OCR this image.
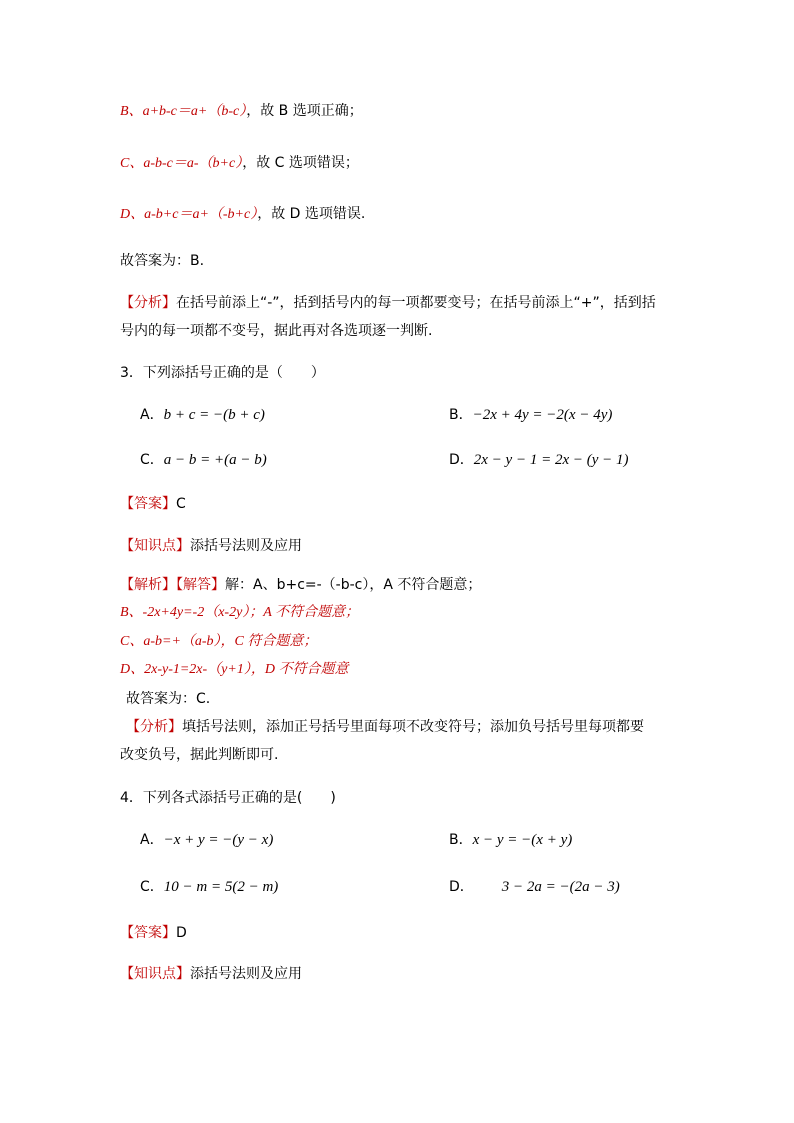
B、a+b-c＝a+（b-c），故 B 选项正确；
C、a-b-c＝a-（b+c），故 C 选项错误；
D、a-b+c＝a+（-b+c），故 D 选项错误.
故答案为：B.
【分析】在括号前添上“-”，括到括号内的每一项都要变号；在括号前添上“+”，括到括
号内的每一项都不变号，据此再对各选项逐一判断.
3．下列添括号正确的是（　　）
A．b + c = −(b + c)	B．−2x + 4y = −2(x − 4y)
C．a − b = +(a − b)	D．2x − y − 1 = 2x − (y − 1)
【答案】C
【知识点】添括号法则及应用
【解析】【解答】解：A、b+c=-（-b-c），A 不符合题意；
B、-2x+4y=-2（x-2y）；A 不符合题意；
C、a-b=+（a-b），C 符合题意；
D、2x-y-1=2x-（y+1），D 不符合题意
故答案为：C.
【分析】填括号法则，添加正号括号里面每项不改变符号；添加负号括号里每项都要
改变负号，据此判断即可.
4．下列各式添括号正确的是(　　)
A．−x + y = −(y − x)	B．x − y = −(x + y)
C．10 − m = 5(2 − m)	D． 3 − 2a = −(2a − 3)
【答案】D
【知识点】添括号法则及应用
